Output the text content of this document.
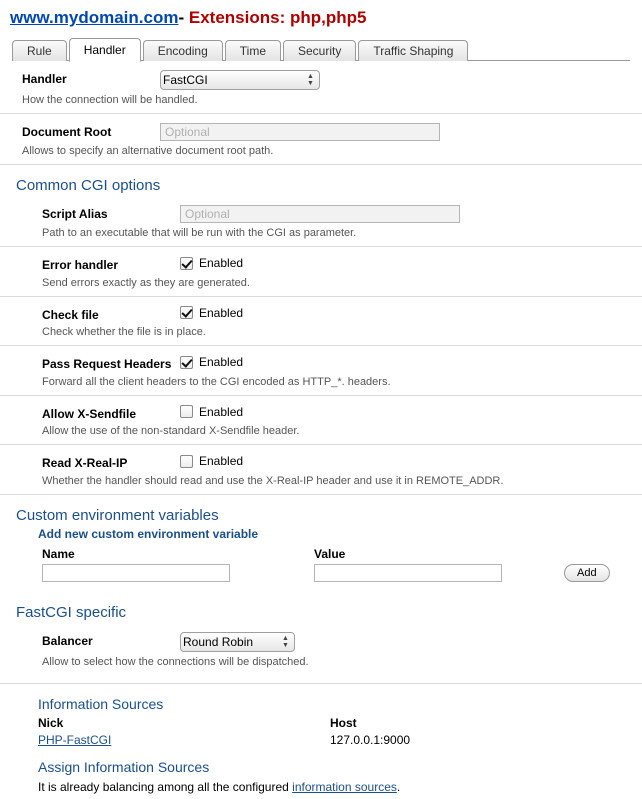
www.mydomain.com- Extensions: php,php5
Rule	Handler	Encoding	Time	Security	Traffic Shaping
Handler
FastCGI	▲
▼
How the connection will be handled.
Document Root
Optional
Allows to specify an alternative document root path.
Common CGI options
Script Alias
Optional
Path to an executable that will be run with the CGI as parameter.
Error handler	Enabled
Send errors exactly as they are generated.
Check file	Enabled
Check whether the file is in place.
Pass Request Headers	Enabled
Forward all the client headers to the CGI encoded as HTTP_*. headers.
Allow X-Sendfile	Enabled
Allow the use of the non-standard X-Sendfile header.
Read X-Real-IP	Enabled
Whether the handler should read and use the X-Real-IP header and use it in REMOTE_ADDR.
Custom environment variables
Add new custom environment variable
Name	Value
Add
FastCGI specific
Balancer
Round Robin	▲
▼
Allow to select how the connections will be dispatched.
Information Sources
Nick	Host
PHP-FastCGI	127.0.0.1:9000
Assign Information Sources
It is already balancing among all the configured information sources.
